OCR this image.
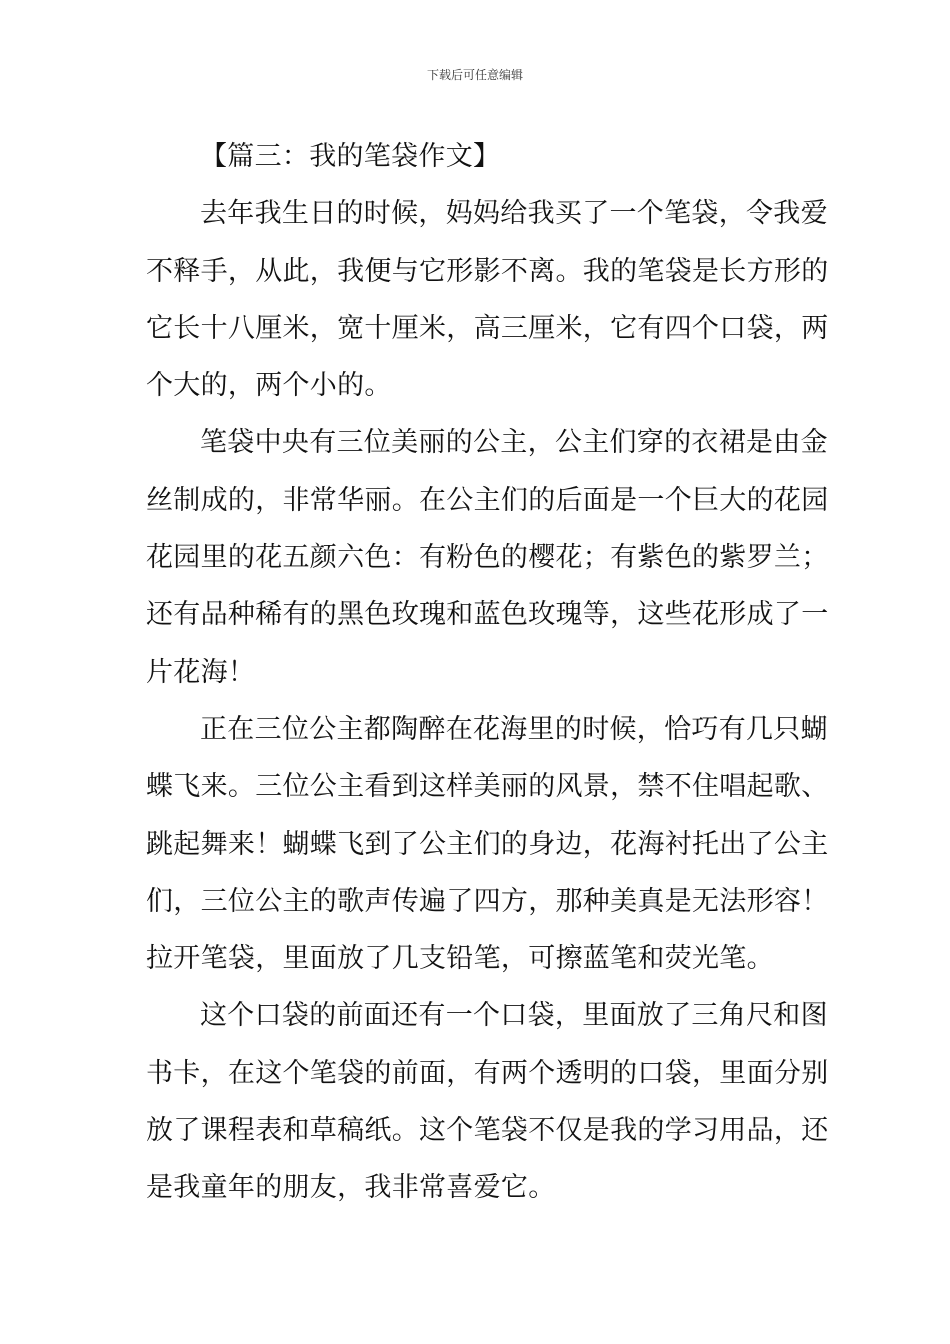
下载后可任意编辑
【篇三：我的笔袋作文】
去年我生日的时候，妈妈给我买了一个笔袋，令我爱
不释手，从此，我便与它形影不离。我的笔袋是长方形的
它长十八厘米，宽十厘米，高三厘米，它有四个口袋，两
个大的，两个小的。
笔袋中央有三位美丽的公主，公主们穿的衣裙是由金
丝制成的，非常华丽。在公主们的后面是一个巨大的花园
花园里的花五颜六色：有粉色的樱花；有紫色的紫罗兰；
还有品种稀有的黑色玫瑰和蓝色玫瑰等，这些花形成了一
片花海！
正在三位公主都陶醉在花海里的时候，恰巧有几只蝴
蝶飞来。三位公主看到这样美丽的风景，禁不住唱起歌、
跳起舞来！蝴蝶飞到了公主们的身边，花海衬托出了公主
们，三位公主的歌声传遍了四方，那种美真是无法形容！
拉开笔袋，里面放了几支铅笔，可擦蓝笔和荧光笔。
这个口袋的前面还有一个口袋，里面放了三角尺和图
书卡，在这个笔袋的前面，有两个透明的口袋，里面分别
放了课程表和草稿纸。这个笔袋不仅是我的学习用品，还
是我童年的朋友，我非常喜爱它。
